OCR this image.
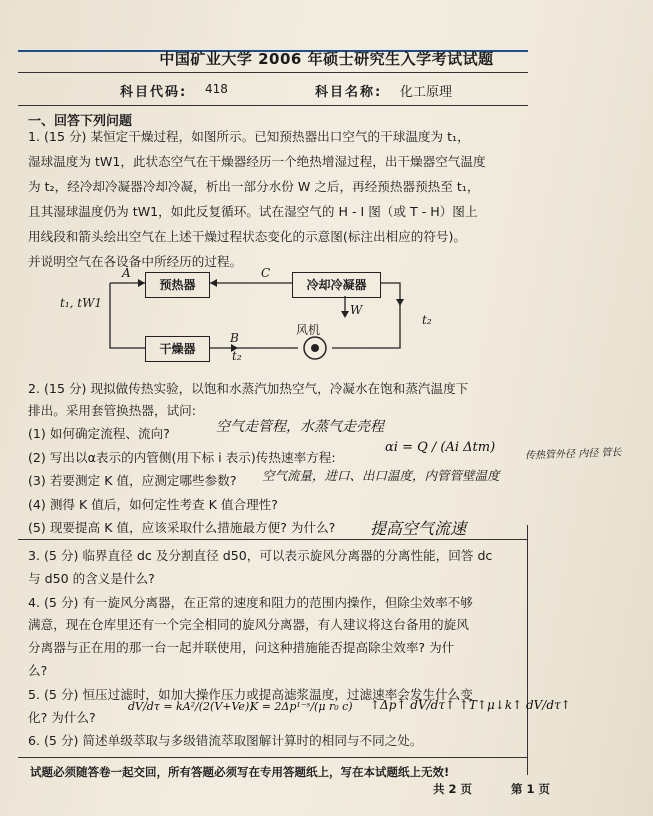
中国矿业大学 2006 年硕士研究生入学考试试题
科目代码: 418	科目名称: 化工原理
一、回答下列问题
1. (15 分) 某恒定干燥过程，如图所示。已知预热器出口空气的干球温度为 t₁，
湿球温度为 tW1，此状态空气在干燥器经历一个绝热增湿过程，出干燥器空气温度
为 t₂，经冷却冷凝器冷却冷凝，析出一部分水份 W 之后，再经预热器预热至 t₁，
且其湿球温度仍为 tW1，如此反复循环。试在湿空气的 H - I 图（或 T - H）图上
用线段和箭头绘出空气在上述干燥过程状态变化的示意图(标注出相应的符号)。
并说明空气在各设备中所经历的过程。
预热器	冷却冷凝器
干燥器
A	C
B
t₂
t₁, tW1
t₂
W
风机
2. (15 分) 现拟做传热实验，以饱和水蒸汽加热空气，冷凝水在饱和蒸汽温度下
排出。采用套管换热器，试问:
(1) 如何确定流程、流向?
(2) 写出以α表示的内管侧(用下标 i 表示)传热速率方程:
(3) 若要测定 K 值，应测定哪些参数?
(4) 测得 K 值后，如何定性考查 K 值合理性?
(5) 现要提高 K 值，应该采取什么措施最方便? 为什么?
空气走管程，水蒸气走壳程
αi = Q / (Ai Δtm)	传热管外径 内径 管长
空气流量，进口、出口温度，内管管壁温度
提高空气流速
3. (5 分) 临界直径 dc 及分割直径 d50，可以表示旋风分离器的分离性能，回答 dc
与 d50 的含义是什么?
4. (5 分) 有一旋风分离器，在正常的速度和阻力的范围内操作，但除尘效率不够
满意，现在仓库里还有一个完全相同的旋风分离器，有人建议将这台备用的旋风
分离器与正在用的那一台一起并联使用，问这种措施能否提高除尘效率? 为什
么?
5. (5 分) 恒压过滤时，如加大操作压力或提高滤浆温度，过滤速率会发生什么变
化? 为什么?
dV/dτ = kA²/(2(V+Ve))
K = 2Δp¹⁻ˢ/(μ r₀ c) ↑Δp↑ dV/dτ↑ ↑T↑μ↓k↑ dV/dτ↑
6. (5 分) 简述单级萃取与多级错流萃取图解计算时的相同与不同之处。
试题必须随答卷一起交回，所有答题必须写在专用答题纸上，写在本试题纸上无效!
共 2 页	第 1 页
